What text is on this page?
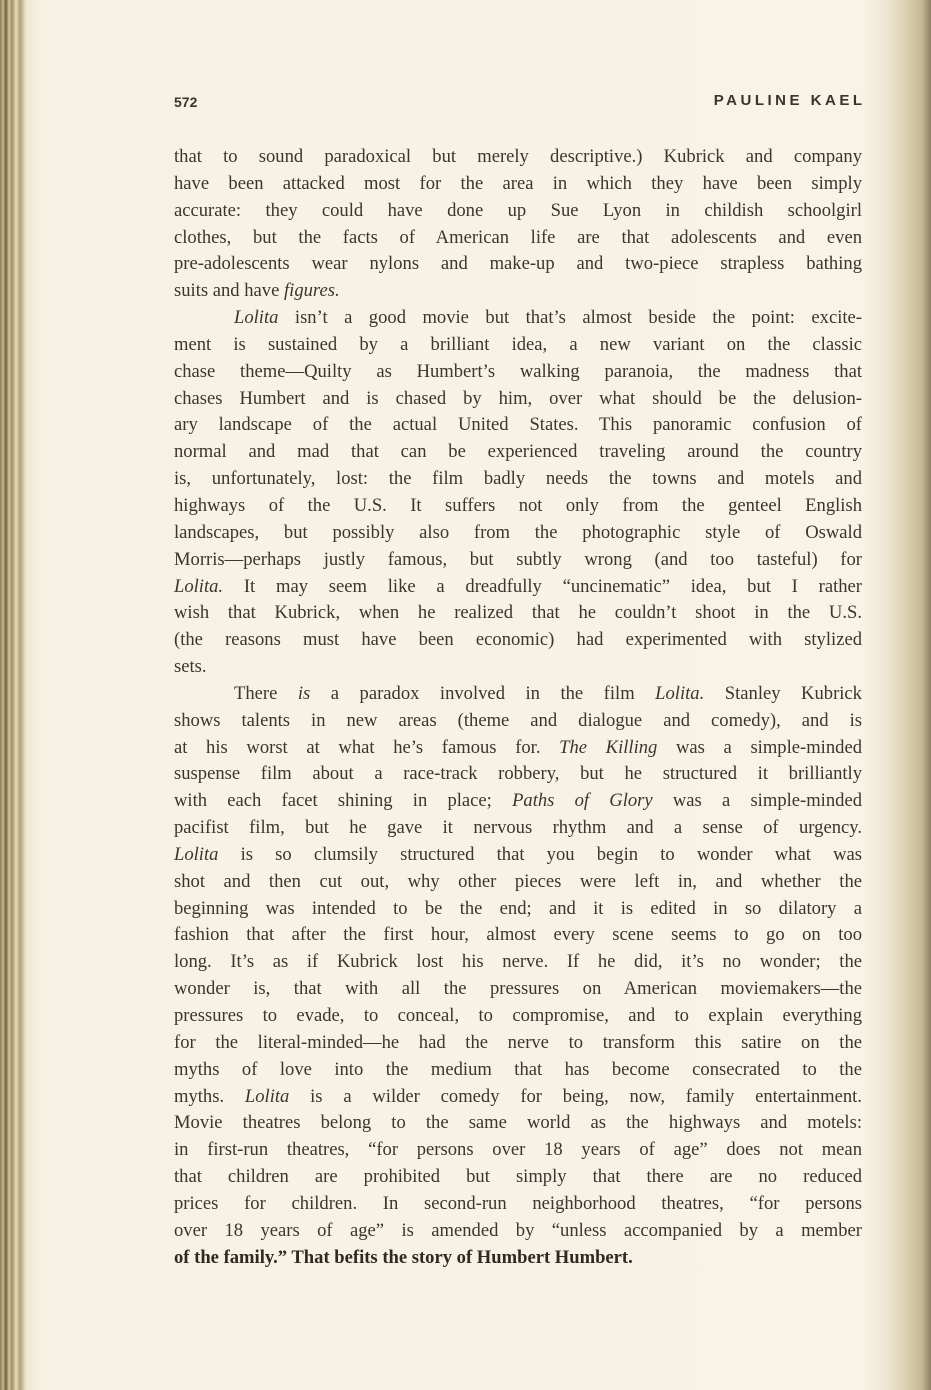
572	PAULINE KAEL
that to sound paradoxical but merely descriptive.) Kubrick and company
have been attacked most for the area in which they have been simply
accurate: they could have done up Sue Lyon in childish schoolgirl
clothes, but the facts of American life are that adolescents and even
pre-adolescents wear nylons and make-up and two-piece strapless bathing
suits and have figures.
Lolita isn’t a good movie but that’s almost beside the point: excite-
ment is sustained by a brilliant idea, a new variant on the classic
chase theme—Quilty as Humbert’s walking paranoia, the madness that
chases Humbert and is chased by him, over what should be the delusion-
ary landscape of the actual United States. This panoramic confusion of
normal and mad that can be experienced traveling around the country
is, unfortunately, lost: the film badly needs the towns and motels and
highways of the U.S. It suffers not only from the genteel English
landscapes, but possibly also from the photographic style of Oswald
Morris—perhaps justly famous, but subtly wrong (and too tasteful) for
Lolita. It may seem like a dreadfully “uncinematic” idea, but I rather
wish that Kubrick, when he realized that he couldn’t shoot in the U.S.
(the reasons must have been economic) had experimented with stylized
sets.
There is a paradox involved in the film Lolita. Stanley Kubrick
shows talents in new areas (theme and dialogue and comedy), and is
at his worst at what he’s famous for. The Killing was a simple-minded
suspense film about a race-track robbery, but he structured it brilliantly
with each facet shining in place; Paths of Glory was a simple-minded
pacifist film, but he gave it nervous rhythm and a sense of urgency.
Lolita is so clumsily structured that you begin to wonder what was
shot and then cut out, why other pieces were left in, and whether the
beginning was intended to be the end; and it is edited in so dilatory a
fashion that after the first hour, almost every scene seems to go on too
long. It’s as if Kubrick lost his nerve. If he did, it’s no wonder; the
wonder is, that with all the pressures on American moviemakers—the
pressures to evade, to conceal, to compromise, and to explain everything
for the literal-minded—he had the nerve to transform this satire on the
myths of love into the medium that has become consecrated to the
myths. Lolita is a wilder comedy for being, now, family entertainment.
Movie theatres belong to the same world as the highways and motels:
in first-run theatres, “for persons over 18 years of age” does not mean
that children are prohibited but simply that there are no reduced
prices for children. In second-run neighborhood theatres, “for persons
over 18 years of age” is amended by “unless accompanied by a member
of the family.” That befits the story of Humbert Humbert.
